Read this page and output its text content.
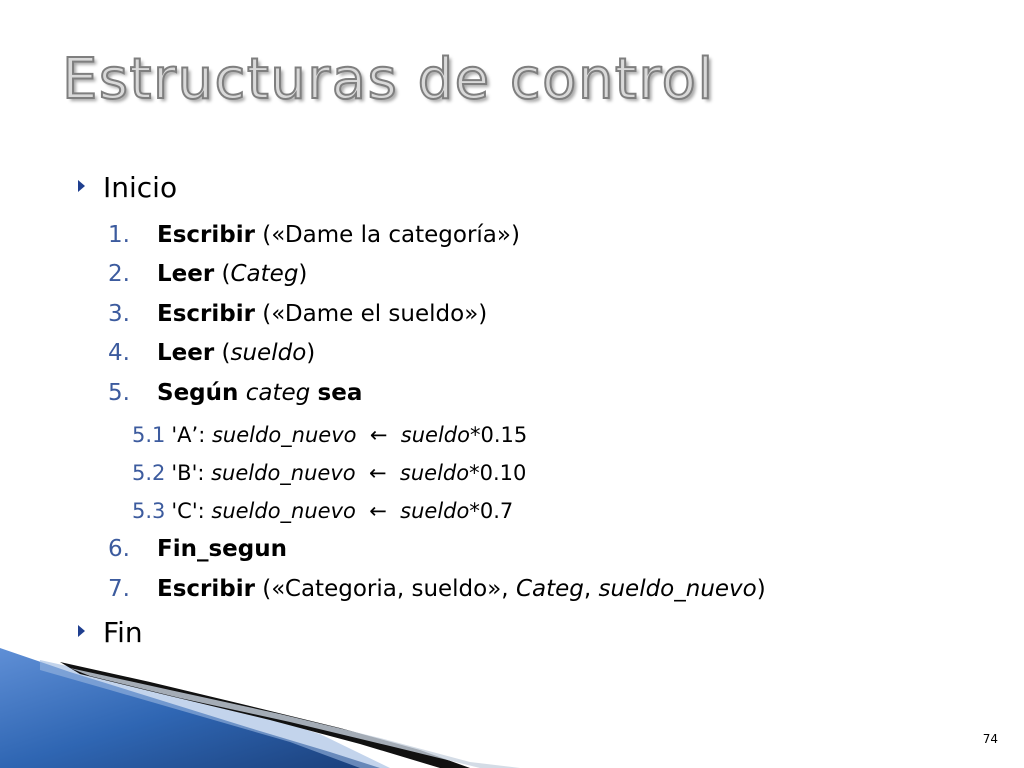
Estructuras de control
Inicio
1. Escribir («Dame la categoría»)
2. Leer (Categ)
3. Escribir («Dame el sueldo»)
4. Leer (sueldo)
5. Según categ sea
5.1 'A’: sueldo_nuevo  ←  sueldo*0.15
5.2 'B': sueldo_nuevo  ←  sueldo*0.10
5.3 'C': sueldo_nuevo  ←  sueldo*0.7
6. Fin_segun
7. Escribir («Categoria, sueldo», Categ, sueldo_nuevo)
Fin
74
